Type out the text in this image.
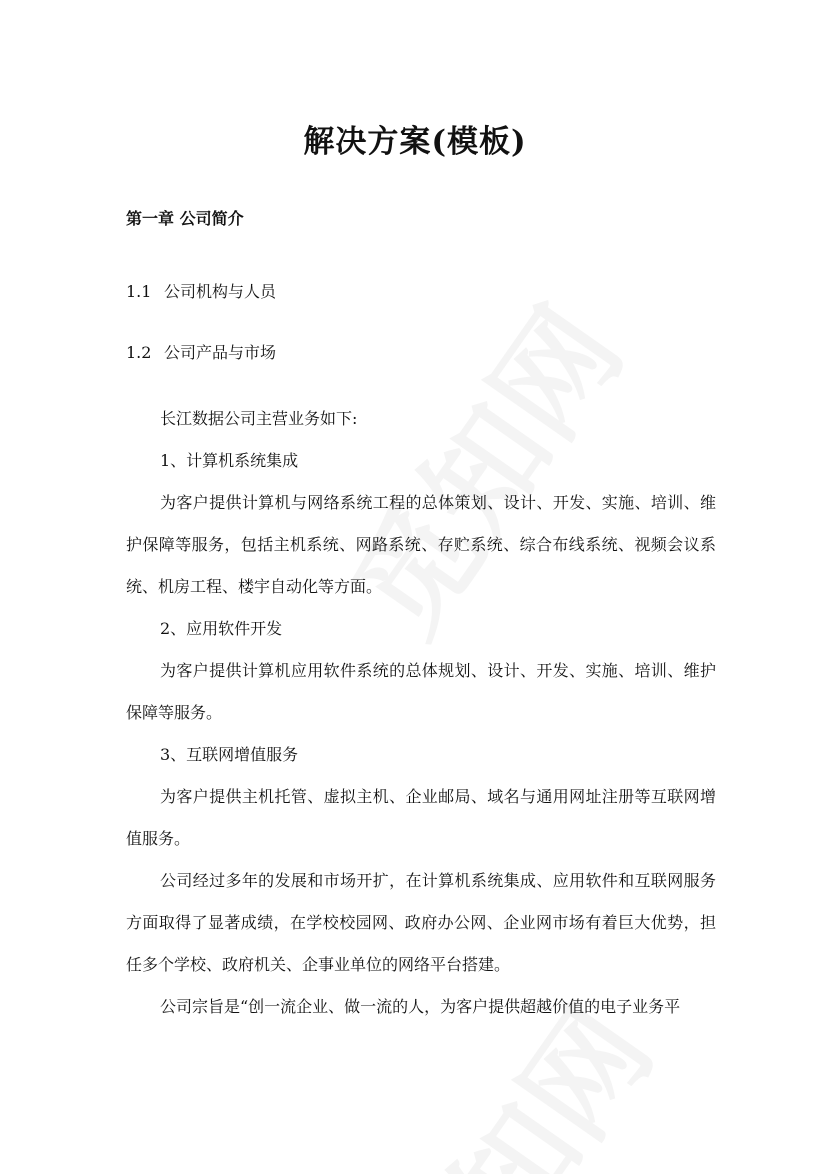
解决方案(模板)
第一章 公司简介
1.1 公司机构与人员
1.2 公司产品与市场

长江数据公司主营业务如下:

1、计算机系统集成

为客户提供计算机与网络系统工程的总体策划、设计、开发、实施、培训、维护保障等服务，包括主机系统、网路系统、存贮系统、综合布线系统、视频会议系统、机房工程、楼宇自动化等方面。

2、应用软件开发

为客户提供计算机应用软件系统的总体规划、设计、开发、实施、培训、维护保障等服务。

3、互联网增值服务

为客户提供主机托管、虚拟主机、企业邮局、域名与通用网址注册等互联网增值服务。

公司经过多年的发展和市场开扩，在计算机系统集成、应用软件和互联网服务方面取得了显著成绩，在学校校园网、政府办公网、企业网市场有着巨大优势，担任多个学校、政府机关、企事业单位的网络平台搭建。

公司宗旨是“创一流企业、做一流的人，为客户提供超越价值的电子业务平
